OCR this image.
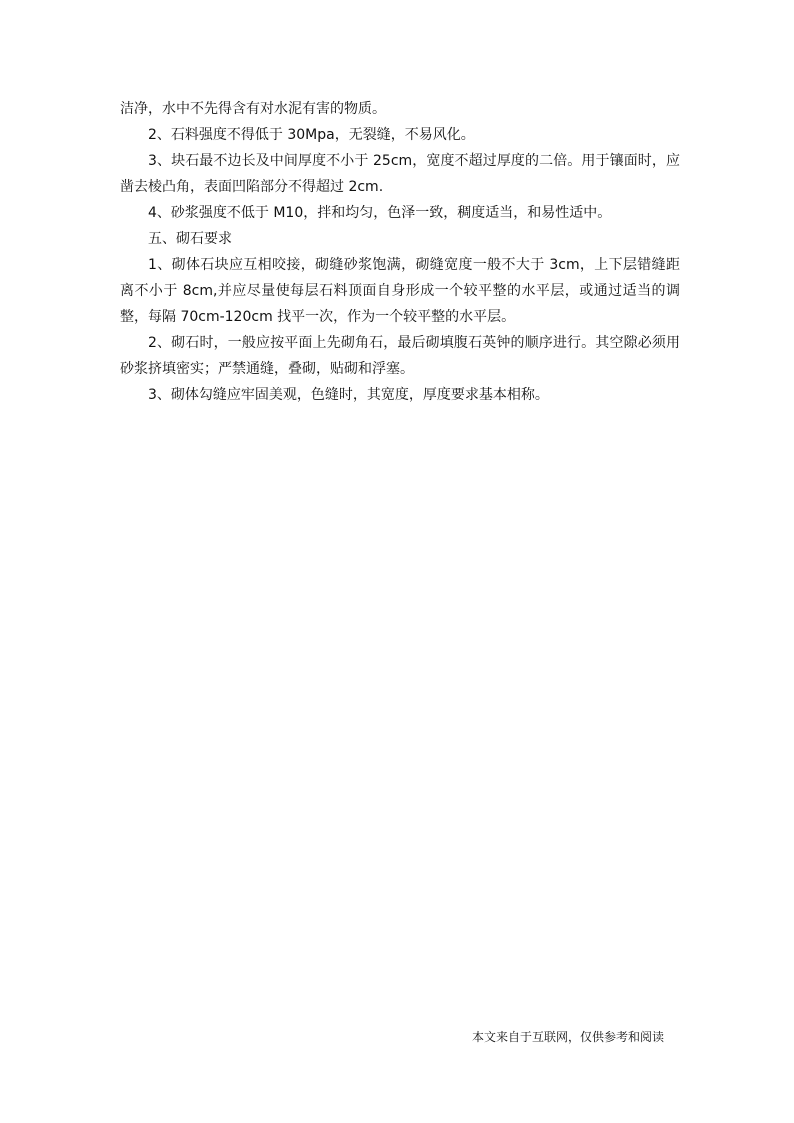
洁净，水中不先得含有对水泥有害的物质。

2、石料强度不得低于 30Mpa，无裂缝，不易风化。

3、块石最不边长及中间厚度不小于 25cm，宽度不超过厚度的二倍。用于镶面时，应凿去棱凸角，表面凹陷部分不得超过 2cm.

4、砂浆强度不低于 M10，拌和均匀，色泽一致，稠度适当，和易性适中。

五、砌石要求

1、砌体石块应互相咬接，砌缝砂浆饱满，砌缝宽度一般不大于 3cm，上下层错缝距离不小于 8cm,并应尽量使每层石料顶面自身形成一个较平整的水平层，或通过适当的调整，每隔 70cm-120cm 找平一次，作为一个较平整的水平层。

2、砌石时，一般应按平面上先砌角石，最后砌填腹石英钟的顺序进行。其空隙必须用砂浆挤填密实；严禁通缝，叠砌，贴砌和浮塞。

3、砌体勾缝应牢固美观，色缝时，其宽度，厚度要求基本相称。

本文来自于互联网，仅供参考和阅读
